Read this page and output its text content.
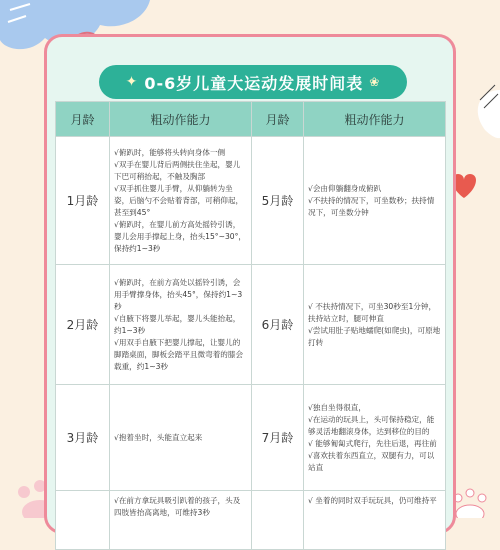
✦ 0-6岁儿童大运动发展时间表 ❀
月龄	粗动作能力	月龄	粗动作能力
1月龄	√俯趴时，能够将头转向身体一侧
√双手在婴儿背后两侧扶住坐起，婴儿下巴可稍抬起，不触及胸部
√双手抓住婴儿手臂，从仰躺转为坐姿，后脑勺不会贴着背部，可稍仰起，甚至到45°
√俯趴时，在婴儿前方高处摇铃引诱，婴儿会用手撑起上身，抬头15°~30°，保持约1~3秒	5月龄	√会由仰躺翻身成俯趴
√不扶持的情况下，可坐数秒；扶持情况下，可坐数分钟

2月龄	√俯趴时，在前方高处以摇铃引诱，会用手臂撑身体，抬头45°，保持约1~3秒
√自腋下将婴儿举起，婴儿头能抬起，约1~3秒
√用双手自腋下把婴儿撑起，让婴儿的脚踏桌面，脚板会踏平且微弯着的膝会载重，约1~3秒	6月龄	√ 不扶持情况下，可坐30秒至1分钟，扶持站立时，腿可伸直
√尝试用肚子贴地蠕爬(如爬虫)，可原地打转

3月龄	√抱着坐时，头能直立起来	7月龄	√独自坐得很直，
√在运动的玩具上，头可保持稳定，能够灵活地翻滚身体，达到移位的目的
√ 能够匍匐式爬行，先往后退，再往前
√喜欢扶着东西直立，双腿有力，可以站直

	√在前方拿玩具吸引趴着的孩子，头及四肢皆抬高离地，可维持3秒		√ 坐着的同时双手玩玩具，仍可维持平
